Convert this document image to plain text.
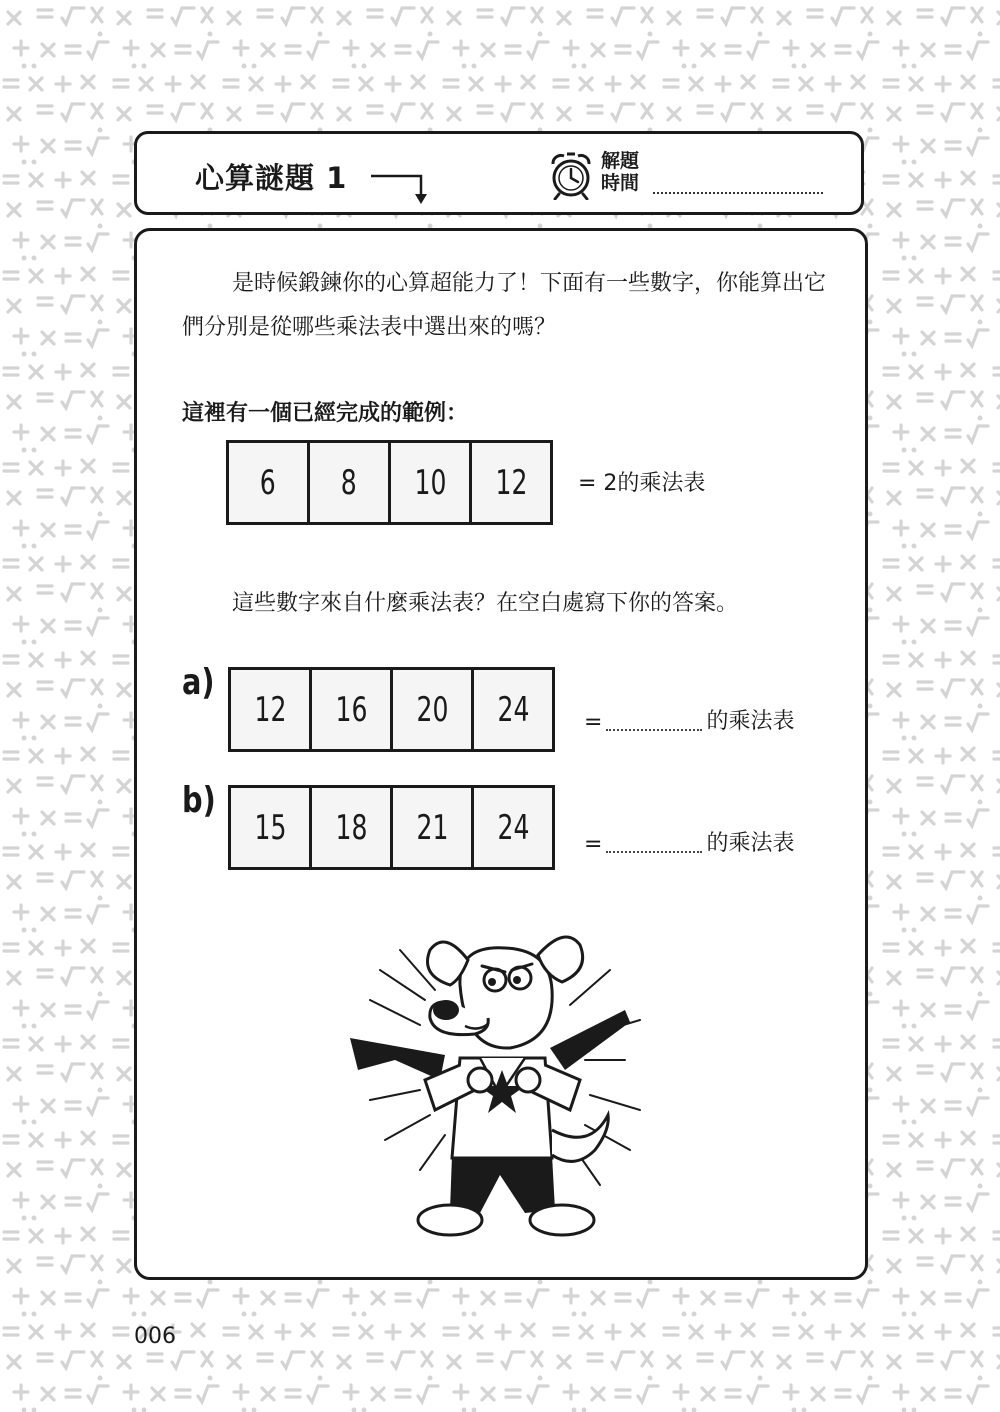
心算謎題 1	解題
時間

是時候鍛鍊你的心算超能力了！下面有一些數字，你能算出它們分別是從哪些乘法表中選出來的嗎？

這裡有一個已經完成的範例：
6 8 10 12 = 2的乘法表
這些數字來自什麼乘法表？在空白處寫下你的答案。
a)
12 16 20 24	=	的乘法表
b)
15 18 21 24	=	的乘法表
006
